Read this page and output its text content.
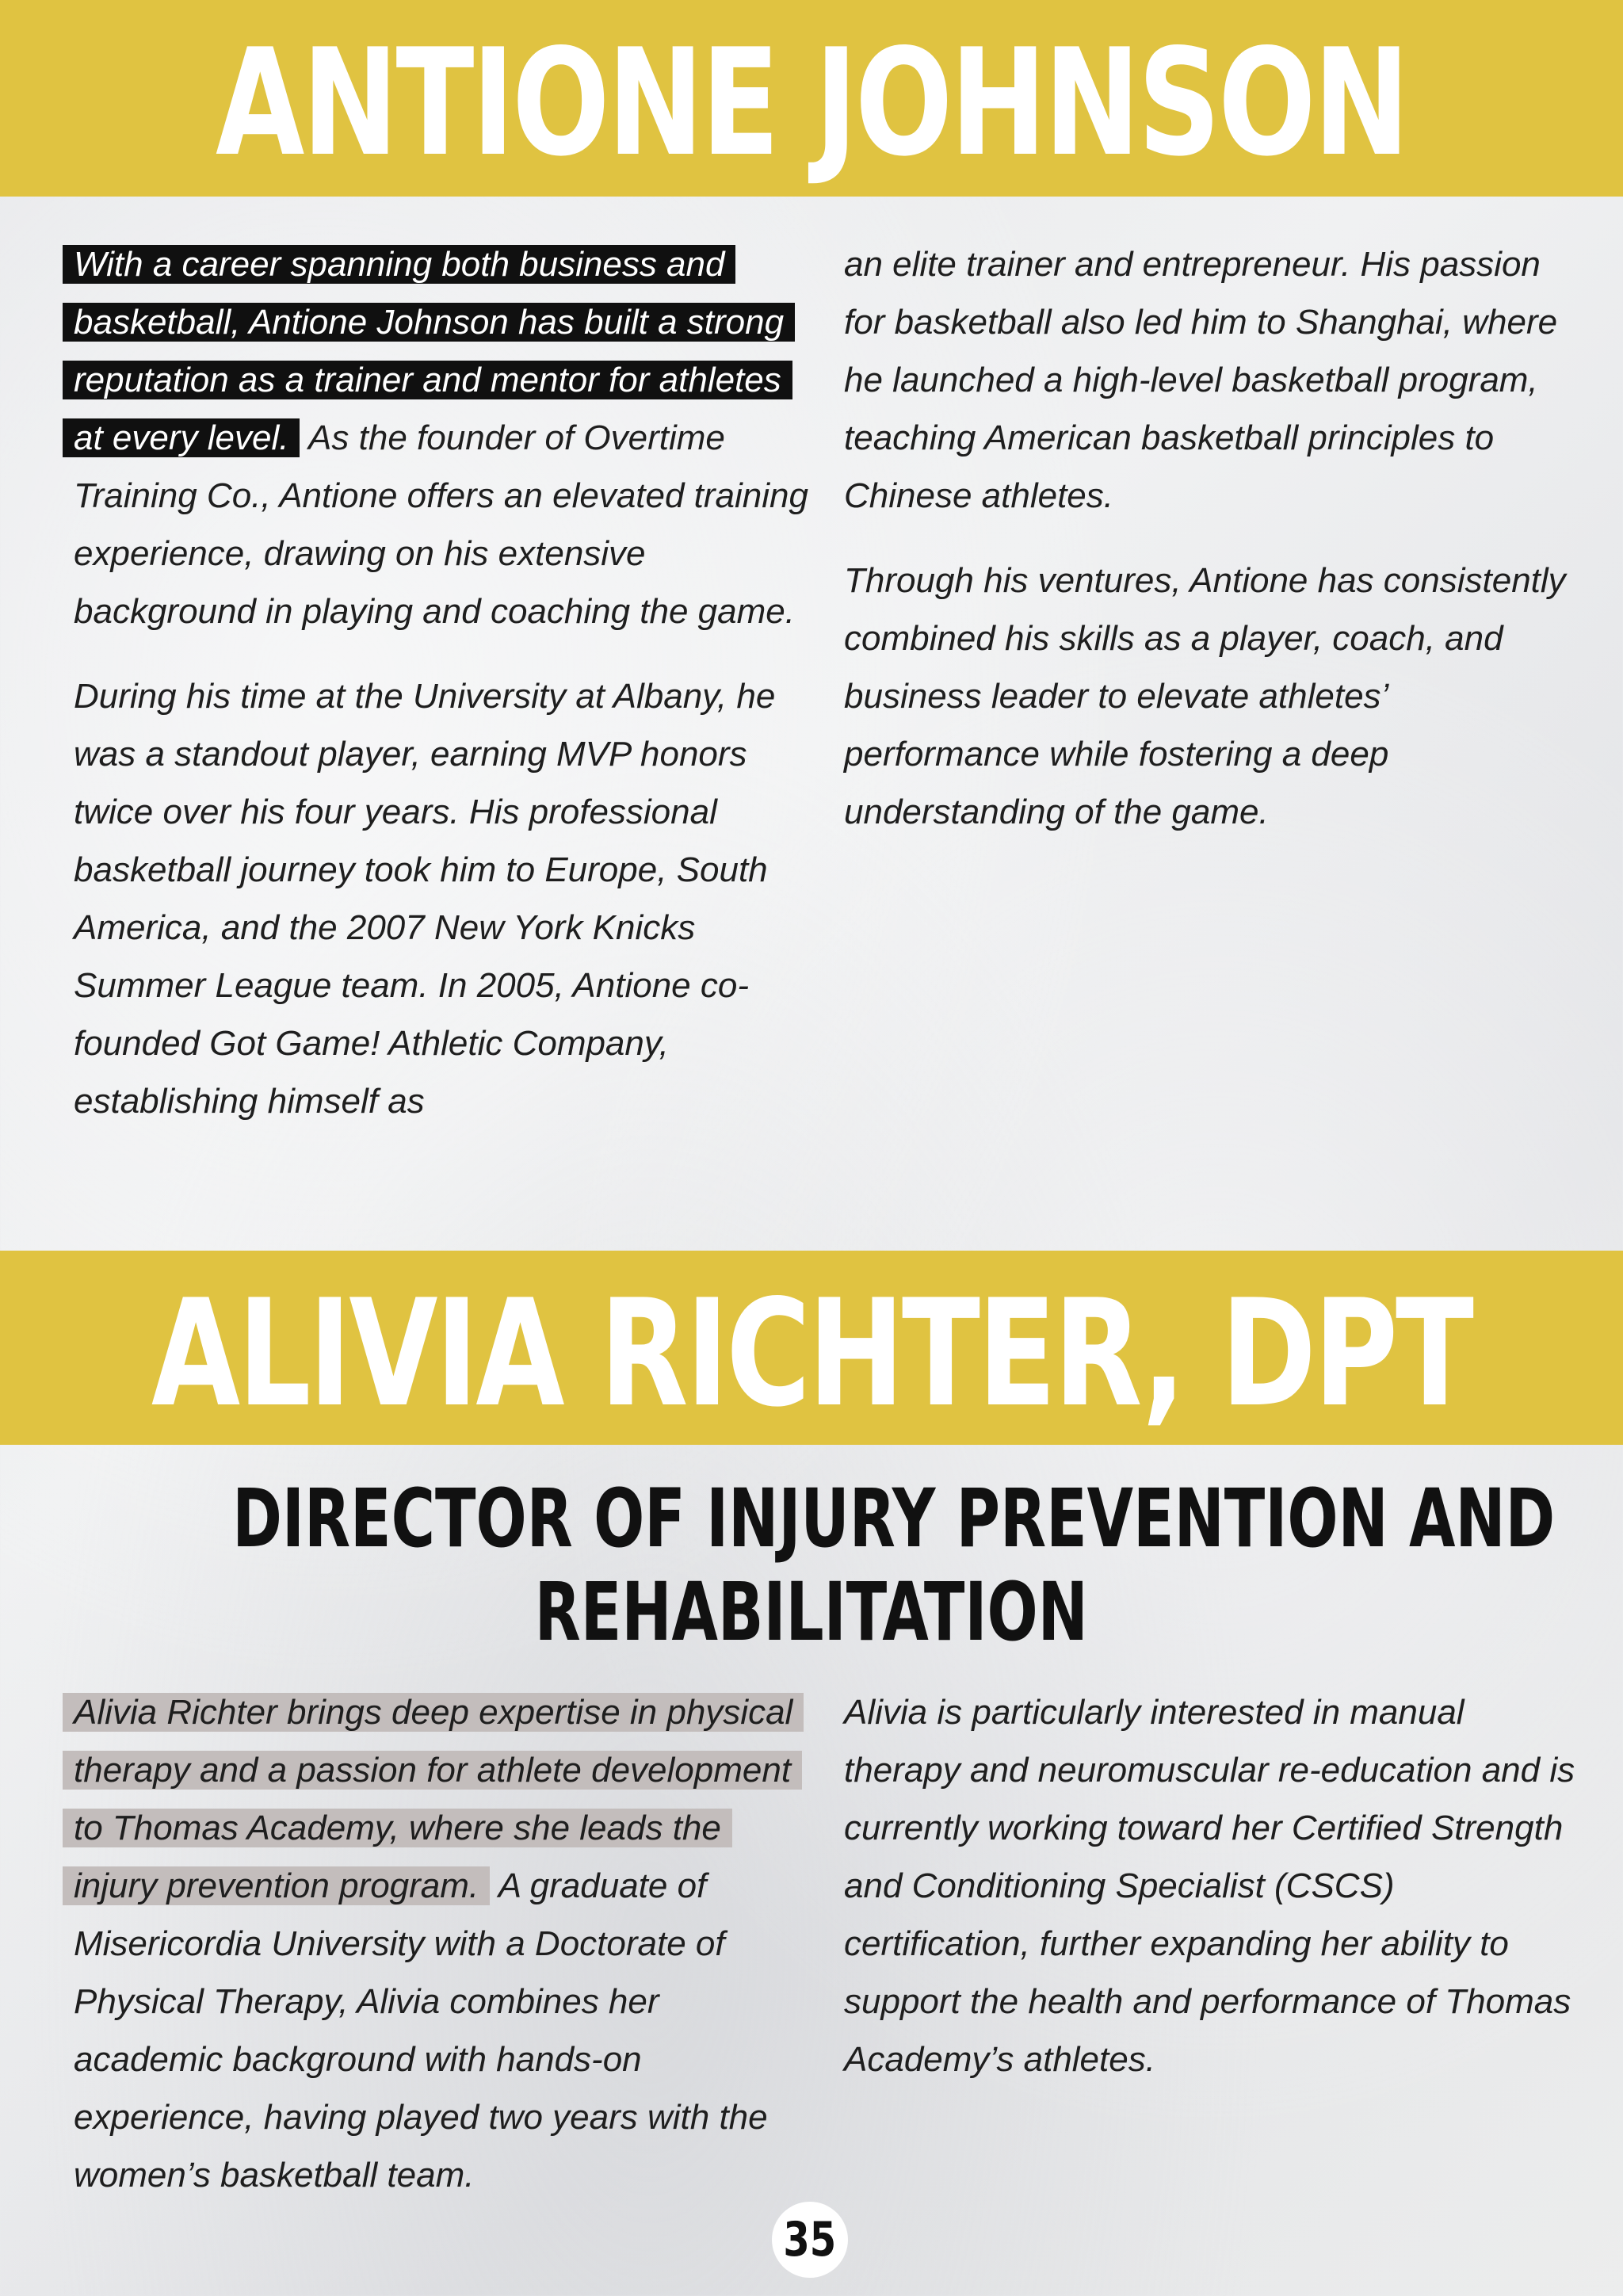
ANTIONE JOHNSON

With a career spanning both business and basketball, Antione Johnson has built a strong reputation as a trainer and mentor for athletes at every level. As the founder of Overtime Training Co., Antione offers an elevated training experience, drawing on his extensive background in playing and coaching the game.

During his time at the University at Albany, he was a standout player, earning MVP honors twice over his four years. His professional basketball journey took him to Europe, South America, and the 2007 New York Knicks Summer League team. In 2005, Antione co-founded Got Game! Athletic Company, establishing himself as

an elite trainer and entrepreneur. His passion for basketball also led him to Shanghai, where he launched a high-level basketball program, teaching American basketball principles to Chinese athletes.

Through his ventures, Antione has consistently combined his skills as a player, coach, and business leader to elevate athletes’ performance while fostering a deep understanding of the game.

ALIVIA RICHTER, DPT
DIRECTOR OF INJURY PREVENTION AND
REHABILITATION

Alivia Richter brings deep expertise in physical therapy and a passion for athlete development to Thomas Academy, where she leads the injury prevention program. A graduate of Misericordia University with a Doctorate of Physical Therapy, Alivia combines her academic background with hands-on experience, having played two years with the women’s basketball team.

Alivia is particularly interested in manual therapy and neuromuscular re-education and is currently working toward her Certified Strength and Conditioning Specialist (CSCS) certification, further expanding her ability to support the health and performance of Thomas Academy’s athletes.

35
